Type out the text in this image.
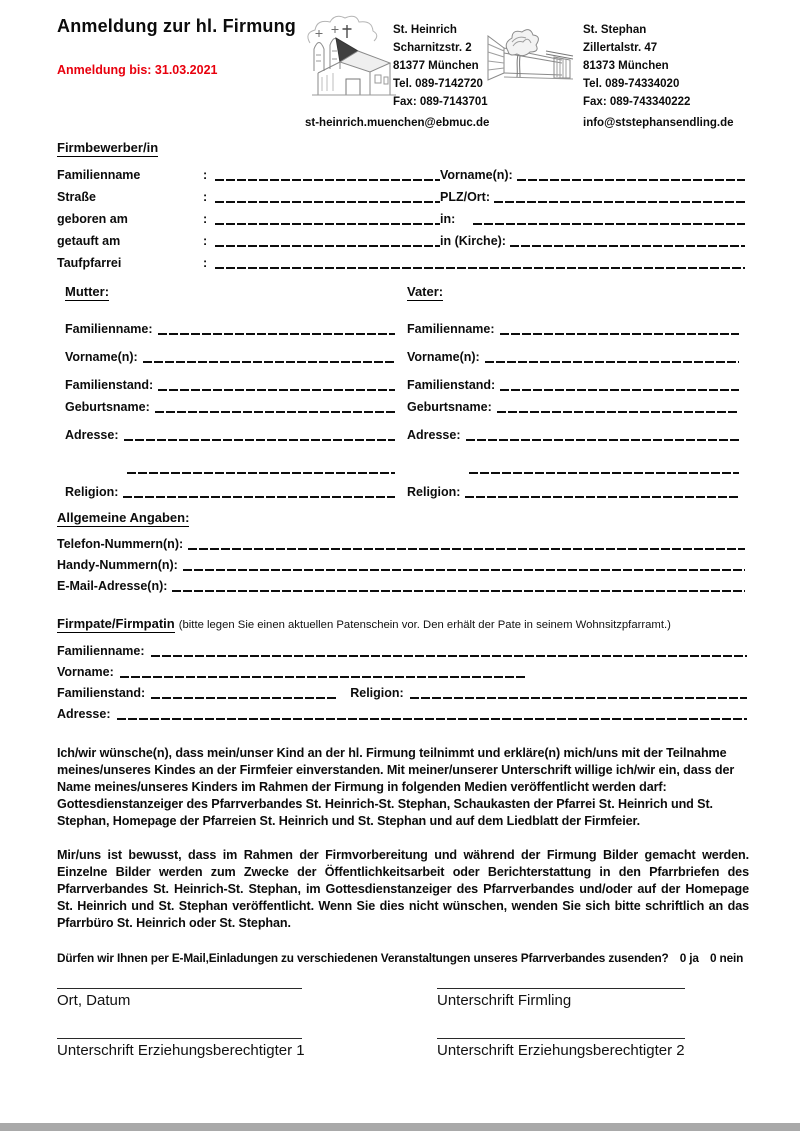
Anmeldung zur hl. Firmung
Anmeldung bis: 31.03.2021
St. Heinrich
Scharnitzstr. 2
81377 München
Tel. 089-7142720
Fax: 089-7143701
st-heinrich.muenchen@ebmuc.de
St. Stephan
Zillertalstr. 47
81373 München
Tel. 089-74334020
Fax: 089-743340222
info@ststephansendling.de
Firmbewerber/in
Familienname	:	Vorname(n):
Straße	:	PLZ/Ort:
geboren am	:	in:
getauft am	:	in (Kirche):
Taufpfarrei	:
Mutter:
Familienname:
Vorname(n):
Familienstand:
Geburtsname:
Adresse:
Religion:
Vater:
Familienname:
Vorname(n):
Familienstand:
Geburtsname:
Adresse:
Religion:
Allgemeine Angaben:
Telefon-Nummern(n):
Handy-Nummern(n):
E-Mail-Adresse(n):
Firmpate/Firmpatin (bitte legen Sie einen aktuellen Patenschein vor. Den erhält der Pate in seinem Wohnsitzpfarramt.)
Familienname:
Vorname:
Familienstand:	Religion:
Adresse:
Ich/wir wünsche(n), dass mein/unser Kind an der hl. Firmung teilnimmt und erkläre(n) mich/uns mit der Teilnahme meines/unseres Kindes an der Firmfeier einverstanden. Mit meiner/unserer Unterschrift willige ich/wir ein, dass der Name meines/unseres Kinders im Rahmen der Firmung in folgenden Medien veröffentlicht werden darf: Gottesdienstanzeiger des Pfarrverbandes St. Heinrich-St. Stephan, Schaukasten der Pfarrei St. Heinrich und St. Stephan, Homepage der Pfarreien St. Heinrich und St. Stephan und auf dem Liedblatt der Firmfeier.
Mir/uns ist bewusst, dass im Rahmen der Firmvorbereitung und während der Firmung Bilder gemacht werden. Einzelne Bilder werden zum Zwecke der Öffentlichkeitsarbeit oder Berichterstattung in den Pfarrbriefen des Pfarrverbandes St. Heinrich-St. Stephan, im Gottesdienstanzeiger des Pfarrverbandes und/oder auf der Homepage St. Heinrich und St. Stephan veröffentlicht. Wenn Sie dies nicht wünschen, wenden Sie sich bitte schriftlich an das Pfarrbüro St. Heinrich oder St. Stephan.
Dürfen wir Ihnen per E-Mail,Einladungen zu verschiedenen Veranstaltungen unseres Pfarrverbandes zusenden? 0 ja 0 nein
Ort, Datum	Unterschrift Firmling
Unterschrift Erziehungsberechtigter 1	Unterschrift Erziehungsberechtigter 2
